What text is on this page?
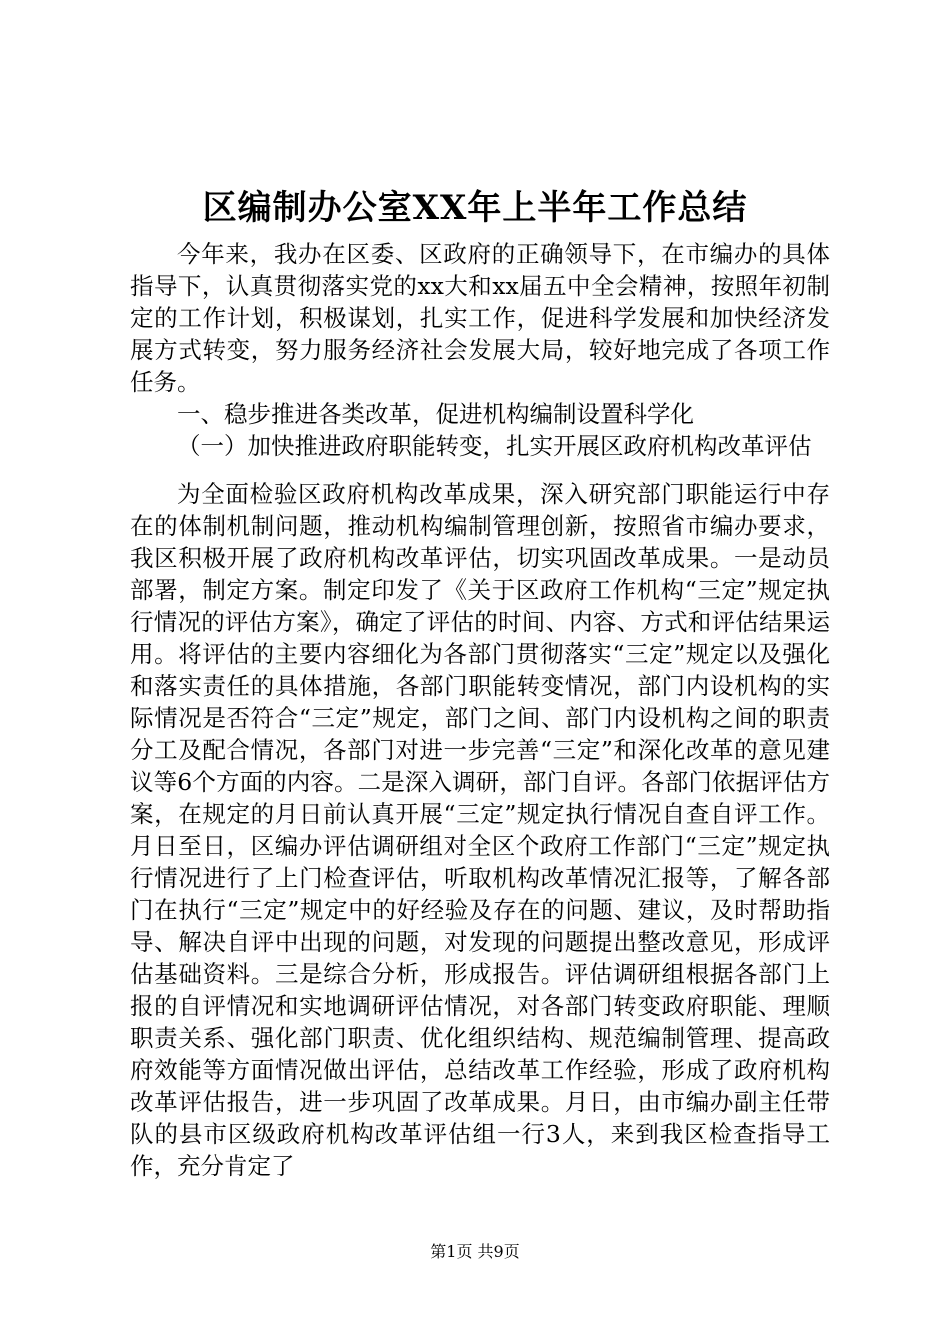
区编制办公室XX年上半年工作总结

今年来，我办在区委、区政府的正确领导下，在市编办的具体指导下，认真贯彻落实党的xx大和xx届五中全会精神，按照年初制定的工作计划，积极谋划，扎实工作，促进科学发展和加快经济发展方式转变，努力服务经济社会发展大局，较好地完成了各项工作任务。

一、稳步推进各类改革，促进机构编制设置科学化

（一）加快推进政府职能转变，扎实开展区政府机构改革评估

为全面检验区政府机构改革成果，深入研究部门职能运行中存在的体制机制问题，推动机构编制管理创新，按照省市编办要求，我区积极开展了政府机构改革评估，切实巩固改革成果。一是动员部署，制定方案。制定印发了《关于区政府工作机构“三定”规定执行情况的评估方案》，确定了评估的时间、内容、方式和评估结果运用。将评估的主要内容细化为各部门贯彻落实“三定”规定以及强化和落实责任的具体措施，各部门职能转变情况，部门内设机构的实际情况是否符合“三定”规定，部门之间、部门内设机构之间的职责分工及配合情况，各部门对进一步完善“三定”和深化改革的意见建议等6个方面的内容。二是深入调研，部门自评。各部门依据评估方案，在规定的月日前认真开展“三定”规定执行情况自查自评工作。月日至日，区编办评估调研组对全区个政府工作部门“三定”规定执行情况进行了上门检查评估，听取机构改革情况汇报等，了解各部门在执行“三定”规定中的好经验及存在的问题、建议，及时帮助指导、解决自评中出现的问题，对发现的问题提出整改意见，形成评估基础资料。三是综合分析，形成报告。评估调研组根据各部门上报的自评情况和实地调研评估情况，对各部门转变政府职能、理顺职责关系、强化部门职责、优化组织结构、规范编制管理、提高政府效能等方面情况做出评估，总结改革工作经验，形成了政府机构改革评估报告，进一步巩固了改革成果。月日，由市编办副主任带队的县市区级政府机构改革评估组一行3人，来到我区检查指导工作，充分肯定了

第1页 共9页
